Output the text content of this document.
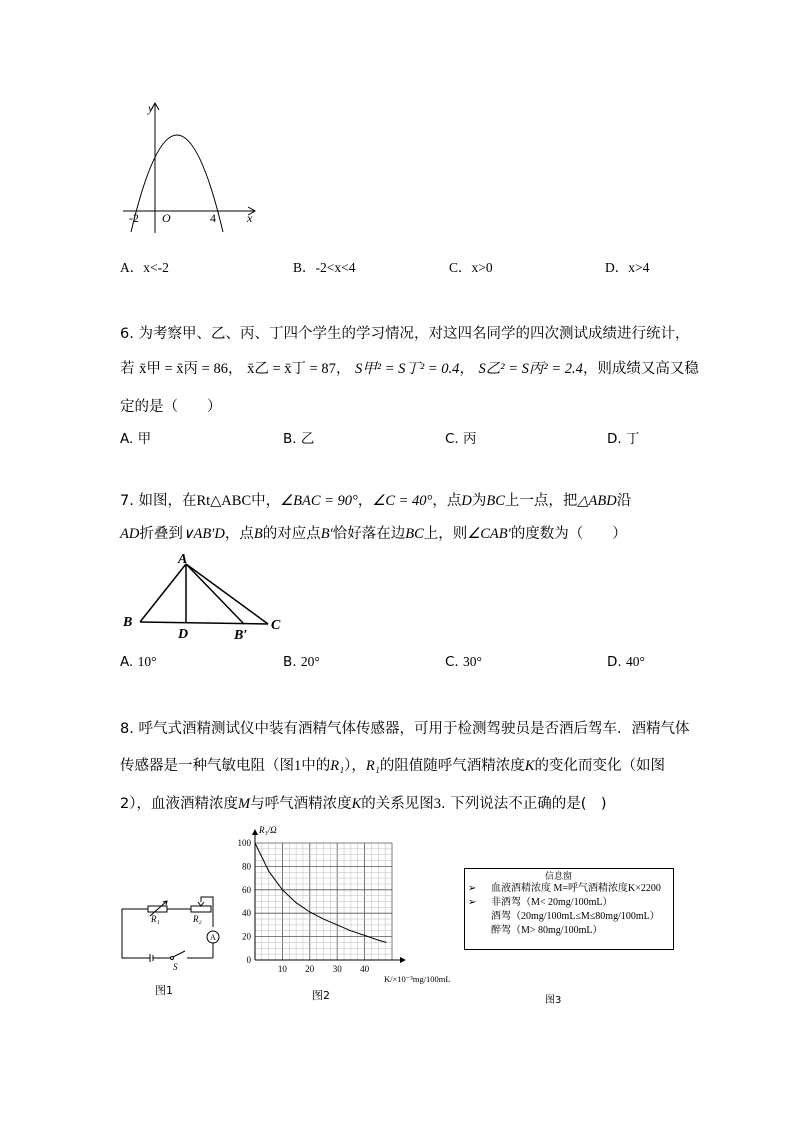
y
x
O
-2	4
A．x<-2	B．-2<x<4	C．x>0	D．x>4
6. 为考察甲、乙、丙、丁四个学生的学习情况，对这四名同学的四次测试成绩进行统计，
若 x̄甲 = x̄丙 = 86， x̄乙 = x̄丁 = 87， S甲² = S丁² = 0.4， S乙² = S丙² = 2.4，则成绩又高又稳
定的是（　　）
A. 甲	B. 乙	C. 丙	D. 丁
7. 如图，在Rt△ABC中，∠BAC = 90°，∠C = 40°，点D为BC上一点，把△ABD沿
AD折叠到∨AB′D，点B的对应点B′恰好落在边BC上，则∠CAB′的度数为（　　）
A
B
D	B′
C
A. 10°	B. 20°	C. 30°	D. 40°
8. 呼气式酒精测试仪中装有酒精气体传感器，可用于检测驾驶员是否酒后驾车．酒精气体
传感器是一种气敏电阻（图1中的R₁），R₁的阻值随呼气酒精浓度K的变化而变化（如图
2），血液酒精浓度M与呼气酒精浓度K的关系见图3. 下列说法不正确的是(　)
R₁	R₂
A
S
图1
0
20
40
60
80
100
10 20 30 40
R₁/Ω
K/×10⁻³mg/100mL
图2
信息窗
➢ 血液酒精浓度 M=呼气酒精浓度K×2200
➢ 非酒驾（M< 20mg/100mL）
酒驾（20mg/100mL≤M≤80mg/100mL）
醉驾（M> 80mg/100mL）
图3
